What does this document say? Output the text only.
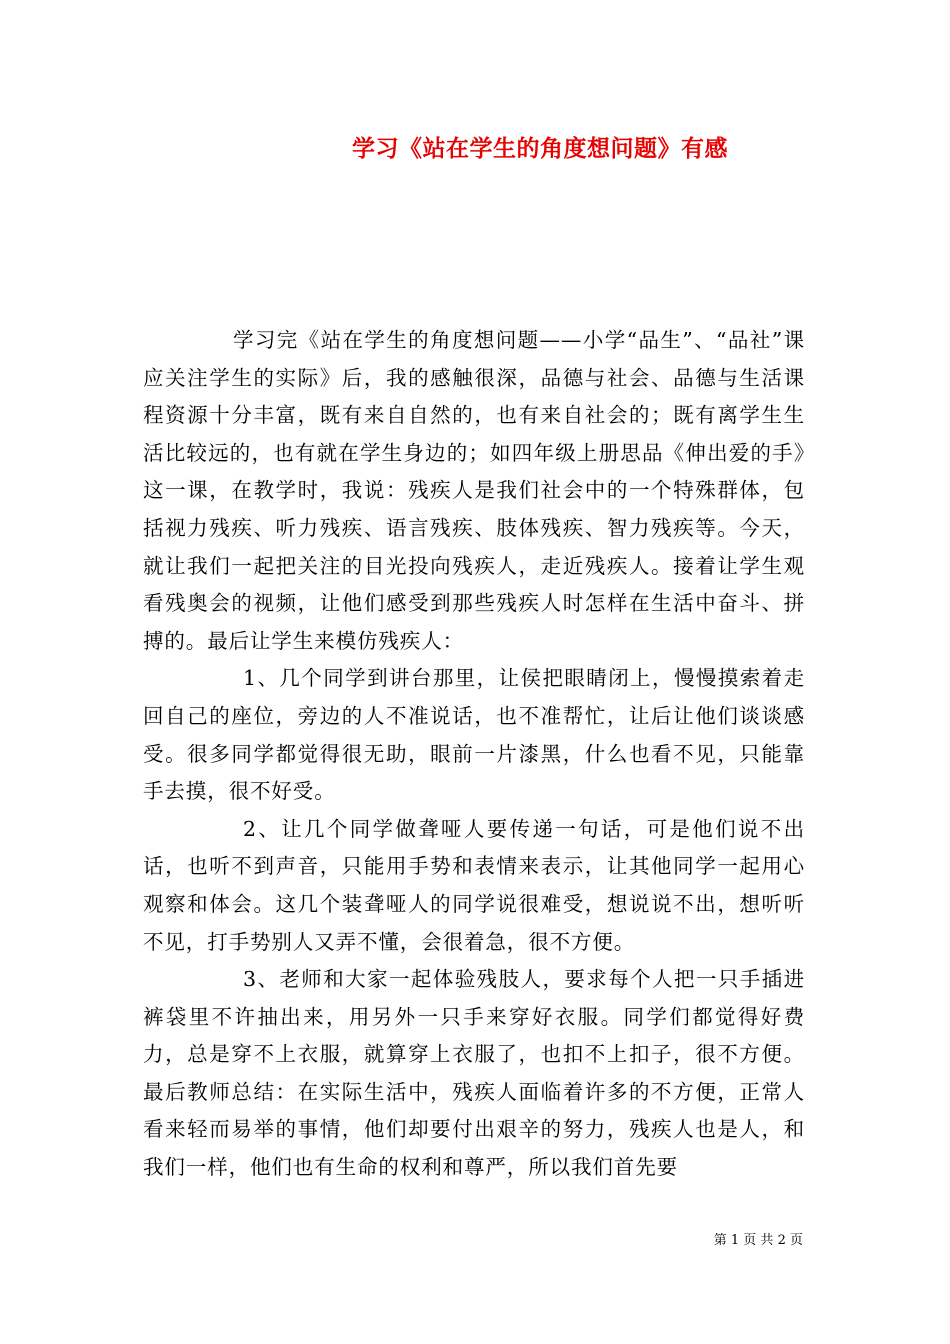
学习《站在学生的角度想问题》有感

学习完《站在学生的角度想问题——小学“品生”、“品社”课应关注学生的实际》后，我的感触很深，品德与社会、品德与生活课程资源十分丰富，既有来自自然的，也有来自社会的；既有离学生生活比较远的，也有就在学生身边的；如四年级上册思品《伸出爱的手》这一课，在教学时，我说：残疾人是我们社会中的一个特殊群体，包括视力残疾、听力残疾、语言残疾、肢体残疾、智力残疾等。今天，就让我们一起把关注的目光投向残疾人，走近残疾人。接着让学生观看残奥会的视频，让他们感受到那些残疾人时怎样在生活中奋斗、拼搏的。最后让学生来模仿残疾人：

1、几个同学到讲台那里，让侯把眼睛闭上，慢慢摸索着走回自己的座位，旁边的人不准说话，也不准帮忙，让后让他们谈谈感受。很多同学都觉得很无助，眼前一片漆黑，什么也看不见，只能靠手去摸，很不好受。

2、让几个同学做聋哑人要传递一句话，可是他们说不出话，也听不到声音，只能用手势和表情来表示，让其他同学一起用心观察和体会。这几个装聋哑人的同学说很难受，想说说不出，想听听不见，打手势别人又弄不懂，会很着急，很不方便。

3、老师和大家一起体验残肢人，要求每个人把一只手插进裤袋里不许抽出来，用另外一只手来穿好衣服。同学们都觉得好费力，总是穿不上衣服，就算穿上衣服了，也扣不上扣子，很不方便。最后教师总结：在实际生活中，残疾人面临着许多的不方便，正常人看来轻而易举的事情，他们却要付出艰辛的努力，残疾人也是人，和我们一样，他们也有生命的权利和尊严，所以我们首先要

第 1 页 共 2 页
